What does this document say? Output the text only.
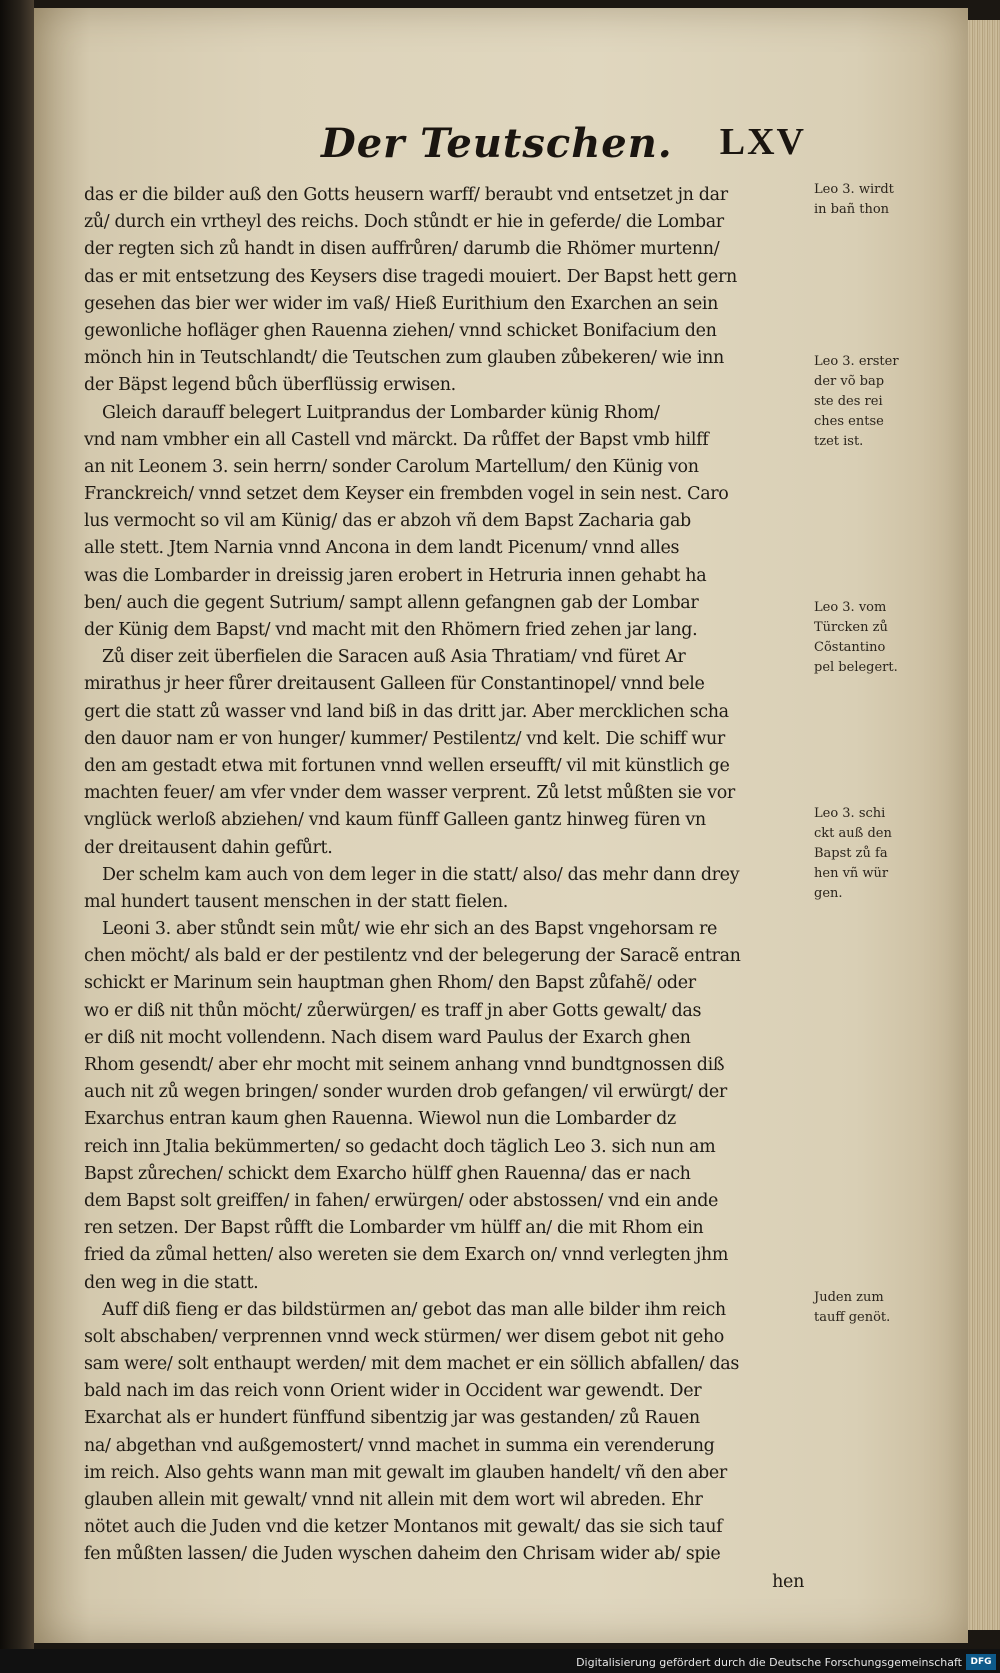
Der Teutschen. LXV
das er die bilder auß den Gotts heusern warff/ beraubt vnd entsetzet jn dar
zů/ durch ein vrtheyl des reichs. Doch stůndt er hie in geferde/ die Lombar
der regten sich zů handt in disen auffrůren/ darumb die Rhömer murtenn/
das er mit entsetzung des Keysers dise tragedi mouiert. Der Bapst hett gern
gesehen das bier wer wider im vaß/ Hieß Eurithium den Exarchen an sein
gewonliche hofläger ghen Rauenna ziehen/ vnnd schicket Bonifacium den
mönch hin in Teutschlandt/ die Teutschen zum glauben zůbekeren/ wie inn
der Bäpst legend bůch überflüssig erwisen.
Gleich darauff belegert Luitprandus der Lombarder künig Rhom/
vnd nam vmbher ein all Castell vnd märckt. Da růffet der Bapst vmb hilff
an nit Leonem 3. sein herrn/ sonder Carolum Martellum/ den Künig von
Franckreich/ vnnd setzet dem Keyser ein frembden vogel in sein nest. Caro
lus vermocht so vil am Künig/ das er abzoh vñ dem Bapst Zacharia gab
alle stett. Jtem Narnia vnnd Ancona in dem landt Picenum/ vnnd alles
was die Lombarder in dreissig jaren erobert in Hetruria innen gehabt ha
ben/ auch die gegent Sutrium/ sampt allenn gefangnen gab der Lombar
der Künig dem Bapst/ vnd macht mit den Rhömern fried zehen jar lang.
Zů diser zeit überfielen die Saracen auß Asia Thratiam/ vnd füret Ar
mirathus jr heer fůrer dreitausent Galleen für Constantinopel/ vnnd bele
gert die statt zů wasser vnd land biß in das dritt jar. Aber mercklichen scha
den dauor nam er von hunger/ kummer/ Pestilentz/ vnd kelt. Die schiff wur
den am gestadt etwa mit fortunen vnnd wellen erseufft/ vil mit künstlich ge
machten feuer/ am vfer vnder dem wasser verprent. Zů letst můßten sie vor
vnglück werloß abziehen/ vnd kaum fünff Galleen gantz hinweg füren vn
der dreitausent dahin gefůrt.
Der schelm kam auch von dem leger in die statt/ also/ das mehr dann drey
mal hundert tausent menschen in der statt fielen.
Leoni 3. aber stůndt sein můt/ wie ehr sich an des Bapst vngehorsam re
chen möcht/ als bald er der pestilentz vnd der belegerung der Saracẽ entran
schickt er Marinum sein hauptman ghen Rhom/ den Bapst zůfahẽ/ oder
wo er diß nit thůn möcht/ zůerwürgen/ es traff jn aber Gotts gewalt/ das
er diß nit mocht vollendenn. Nach disem ward Paulus der Exarch ghen
Rhom gesendt/ aber ehr mocht mit seinem anhang vnnd bundtgnossen diß
auch nit zů wegen bringen/ sonder wurden drob gefangen/ vil erwürgt/ der
Exarchus entran kaum ghen Rauenna. Wiewol nun die Lombarder dz
reich inn Jtalia bekümmerten/ so gedacht doch täglich Leo 3. sich nun am
Bapst zůrechen/ schickt dem Exarcho hülff ghen Rauenna/ das er nach
dem Bapst solt greiffen/ in fahen/ erwürgen/ oder abstossen/ vnd ein ande
ren setzen. Der Bapst růfft die Lombarder vm hülff an/ die mit Rhom ein
fried da zůmal hetten/ also wereten sie dem Exarch on/ vnnd verlegten jhm
den weg in die statt.
Auff diß fieng er das bildstürmen an/ gebot das man alle bilder ihm reich
solt abschaben/ verprennen vnnd weck stürmen/ wer disem gebot nit geho
sam were/ solt enthaupt werden/ mit dem machet er ein söllich abfallen/ das
bald nach im das reich vonn Orient wider in Occident war gewendt. Der
Exarchat als er hundert fünffund sibentzig jar was gestanden/ zů Rauen
na/ abgethan vnd außgemostert/ vnnd machet in summa ein verenderung
im reich. Also gehts wann man mit gewalt im glauben handelt/ vñ den aber
glauben allein mit gewalt/ vnnd nit allein mit dem wort wil abreden. Ehr
nötet auch die Juden vnd die ketzer Montanos mit gewalt/ das sie sich tauf
fen můßten lassen/ die Juden wyschen daheim den Chrisam wider ab/ spie
hen
Leo 3. wirdt
in bañ thon
Leo 3. erster
der võ bap
ste des rei
ches entse
tzet ist.
Leo 3. vom
Türcken zů
Cõstantino
pel belegert.
Leo 3. schi
ckt auß den
Bapst zů fa
hen vñ wür
gen.
Juden zum
tauff genöt.
Digitalisierung gefördert durch die Deutsche Forschungsgemeinschaft DFG
